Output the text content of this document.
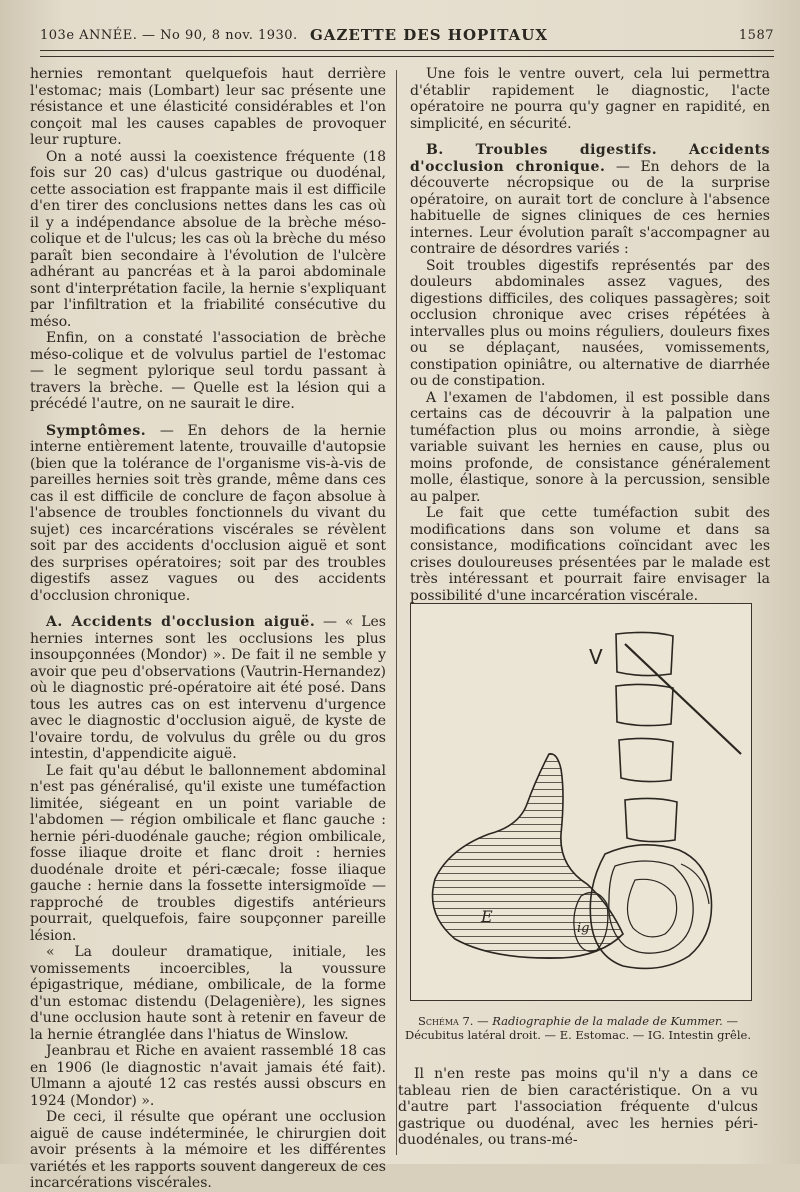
103e ANNÉE. — No 90, 8 nov. 1930. GAZETTE DES HOPITAUX	1587

hernies remontant quelquefois haut derrière l'estomac; mais (Lombart) leur sac présente une résistance et une élasticité considérables et l'on conçoit mal les causes capables de provoquer leur rupture.

On a noté aussi la coexistence fréquente (18 fois sur 20 cas) d'ulcus gastrique ou duodénal, cette association est frappante mais il est difficile d'en tirer des conclusions nettes dans les cas où il y a indépendance absolue de la brèche méso-colique et de l'ulcus; les cas où la brèche du méso paraît bien secondaire à l'évolution de l'ulcère adhérant au pancréas et à la paroi abdominale sont d'interprétation facile, la hernie s'expliquant par l'infiltration et la friabilité consécutive du méso.

Enfin, on a constaté l'association de brèche méso-colique et de volvulus partiel de l'estomac — le segment pylorique seul tordu passant à travers la brèche. — Quelle est la lésion qui a précédé l'autre, on ne saurait le dire.

Symptômes. — En dehors de la hernie interne entièrement latente, trouvaille d'autopsie (bien que la tolérance de l'organisme vis-à-vis de pareilles hernies soit très grande, même dans ces cas il est difficile de conclure de façon absolue à l'absence de troubles fonctionnels du vivant du sujet) ces incarcérations viscérales se révèlent soit par des accidents d'occlusion aiguë et sont des surprises opératoires; soit par des troubles digestifs assez vagues ou des accidents d'occlusion chronique.

A. Accidents d'occlusion aiguë. — « Les hernies internes sont les occlusions les plus insoupçonnées (Mondor) ». De fait il ne semble y avoir que peu d'observations (Vautrin-Hernandez) où le diagnostic pré-opératoire ait été posé. Dans tous les autres cas on est intervenu d'urgence avec le diagnostic d'occlusion aiguë, de kyste de l'ovaire tordu, de volvulus du grêle ou du gros intestin, d'appendicite aiguë.

Le fait qu'au début le ballonnement abdominal n'est pas généralisé, qu'il existe une tuméfaction limitée, siégeant en un point variable de l'abdomen — région ombilicale et flanc gauche : hernie péri-duodénale gauche; région ombilicale, fosse iliaque droite et flanc droit : hernies duodénale droite et péri-cæcale; fosse iliaque gauche : hernie dans la fossette intersigmoïde — rapproché de troubles digestifs antérieurs pourrait, quelquefois, faire soupçonner pareille lésion.

« La douleur dramatique, initiale, les vomissements incoercibles, la voussure épigastrique, médiane, ombilicale, de la forme d'un estomac distendu (Delagenière), les signes d'une occlusion haute sont à retenir en faveur de la hernie étranglée dans l'hiatus de Winslow.

Jeanbrau et Riche en avaient rassemblé 18 cas en 1906 (le diagnostic n'avait jamais été fait). Ulmann a ajouté 12 cas restés aussi obscurs en 1924 (Mondor) ».

De ceci, il résulte que opérant une occlusion aiguë de cause indéterminée, le chirurgien doit avoir présents à la mémoire et les différentes variétés et les rapports souvent dangereux de ces incarcérations viscérales.

Une fois le ventre ouvert, cela lui permettra d'établir rapidement le diagnostic, l'acte opératoire ne pourra qu'y gagner en rapidité, en simplicité, en sécurité.

B. Troubles digestifs. Accidents d'occlusion chronique. — En dehors de la découverte nécropsique ou de la surprise opératoire, on aurait tort de conclure à l'absence habituelle de signes cliniques de ces hernies internes. Leur évolution paraît s'accompagner au contraire de désordres variés :

Soit troubles digestifs représentés par des douleurs abdominales assez vagues, des digestions difficiles, des coliques passagères; soit occlusion chronique avec crises répétées à intervalles plus ou moins réguliers, douleurs fixes ou se déplaçant, nausées, vomissements, constipation opiniâtre, ou alternative de diarrhée ou de constipation.

A l'examen de l'abdomen, il est possible dans certains cas de découvrir à la palpation une tuméfaction plus ou moins arrondie, à siège variable suivant les hernies en cause, plus ou moins profonde, de consistance généralement molle, élastique, sonore à la percussion, sensible au palper.

Le fait que cette tuméfaction subit des modifications dans son volume et dans sa consistance, modifications coïncidant avec les crises douloureuses présentées par le malade est très intéressant et pourrait faire envisager la possibilité d'une incarcération viscérale.

V
E
ig
Schéma 7. — Radiographie de la malade de Kummer. — Décubitus latéral droit. — E. Estomac. — IG. Intestin grêle.

Il n'en reste pas moins qu'il n'y a dans ce tableau rien de bien caractéristique. On a vu d'autre part l'association fréquente d'ulcus gastrique ou duodénal, avec les hernies péri-duodénales, ou trans-mé-
